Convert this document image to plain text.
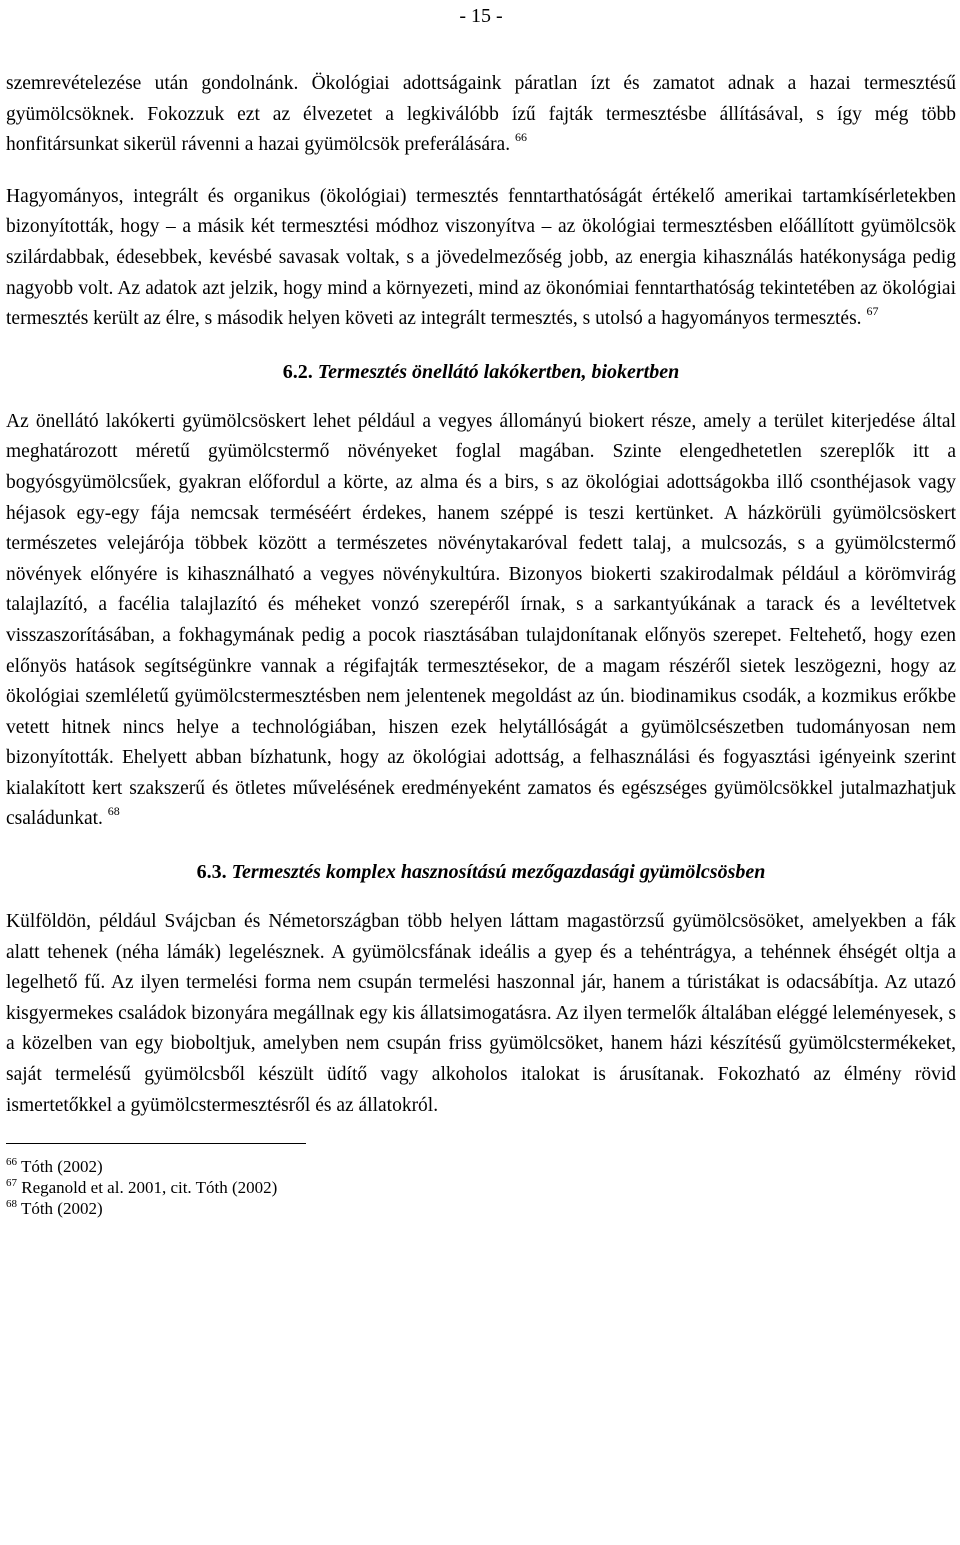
- 15 -

szemrevételezése után gondolnánk. Ökológiai adottságaink páratlan ízt és zamatot adnak a hazai termesztésű gyümölcsöknek. Fokozzuk ezt az élvezetet a legkiválóbb ízű fajták termesztésbe állításával, s így még több honfitársunkat sikerül rávenni a hazai gyümölcsök preferálására. $^{66}$

Hagyományos, integrált és organikus (ökológiai) termesztés fenntarthatóságát értékelő amerikai tartamkísérletekben bizonyították, hogy – a másik két termesztési módhoz viszonyítva – az ökológiai termesztésben előállított gyümölcsök szilárdabbak, édesebbek, kevésbé savasak voltak, s a jövedelmezőség jobb, az energia kihasználás hatékonysága pedig nagyobb volt. Az adatok azt jelzik, hogy mind a környezeti, mind az ökonómiai fenntarthatóság tekintetében az ökológiai termesztés került az élre, s második helyen követi az integrált termesztés, s utolsó a hagyományos termesztés. $^{67}$

6.2. Termesztés önellátó lakókertben, biokertben

Az önellátó lakókerti gyümölcsöskert lehet például a vegyes állományú biokert része, amely a terület kiterjedése által meghatározott méretű gyümölcstermő növényeket foglal magában. Szinte elengedhetetlen szereplők itt a bogyósgyümölcsűek, gyakran előfordul a körte, az alma és a birs, s az ökológiai adottságokba illő csonthéjasok vagy héjasok egy-egy fája nemcsak terméséért érdekes, hanem széppé is teszi kertünket. A házkörüli gyümölcsöskert természetes velejárója többek között a természetes növénytakaróval fedett talaj, a mulcsozás, s a gyümölcstermő növények előnyére is kihasználható a vegyes növénykultúra. Bizonyos biokerti szakirodalmak például a körömvirág talajlazító, a facélia talajlazító és méheket vonzó szerepéről írnak, s a sarkantyúkának a tarack és a levéltetvek visszaszorításában, a fokhagymának pedig a pocok riasztásában tulajdonítanak előnyös szerepet. Feltehető, hogy ezen előnyös hatások segítségünkre vannak a régifajták termesztésekor, de a magam részéről sietek leszögezni, hogy az ökológiai szemléletű gyümölcstermesztésben nem jelentenek megoldást az ún. biodinamikus csodák, a kozmikus erőkbe vetett hitnek nincs helye a technológiában, hiszen ezek helytállóságát a gyümölcsészetben tudományosan nem bizonyították. Ehelyett abban bízhatunk, hogy az ökológiai adottság, a felhasználási és fogyasztási igényeink szerint kialakított kert szakszerű és ötletes művelésének eredményeként zamatos és egészséges gyümölcsökkel jutalmazhatjuk családunkat. $^{68}$

6.3. Termesztés komplex hasznosítású mezőgazdasági gyümölcsösben

Külföldön, például Svájcban és Németországban több helyen láttam magastörzsű gyümölcsösöket, amelyekben a fák alatt tehenek (néha lámák) legelésznek. A gyümölcsfának ideális a gyep és a tehéntrágya, a tehénnek éhségét oltja a legelhető fű. Az ilyen termelési forma nem csupán termelési haszonnal jár, hanem a túristákat is odacsábítja. Az utazó kisgyermekes családok bizonyára megállnak egy kis állatsimogatásra. Az ilyen termelők általában eléggé leleményesek, s a közelben van egy bioboltjuk, amelyben nem csupán friss gyümölcsöket, hanem házi készítésű gyümölcstermékeket, saját termelésű gyümölcsből készült üdítő vagy alkoholos italokat is árusítanak. Fokozható az élmény rövid ismertetőkkel a gyümölcstermesztésről és az állatokról.

$^{66}$ Tóth (2002)
$^{67}$ Reganold et al. 2001, cit. Tóth (2002)
$^{68}$ Tóth (2002)
